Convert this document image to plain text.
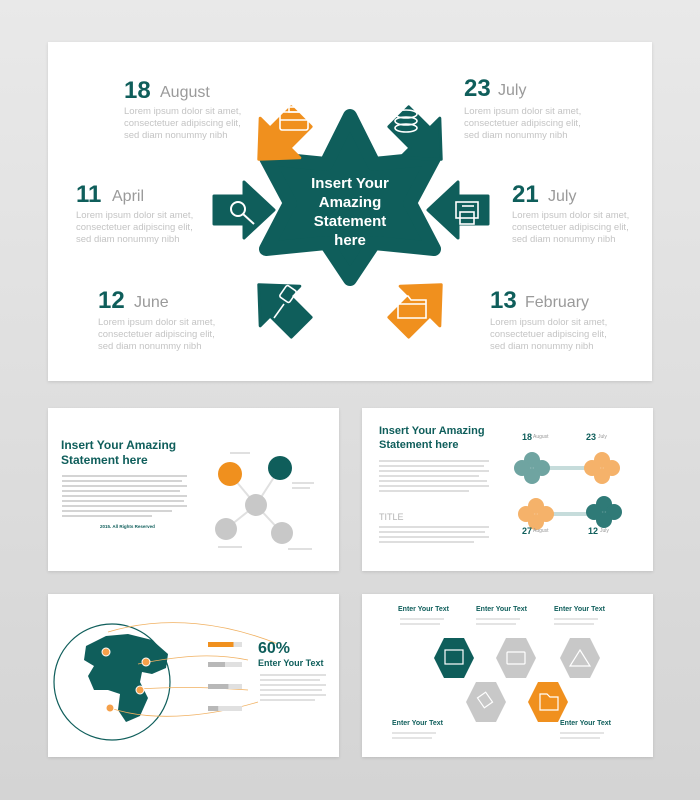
Insert Your
Amazing
Statement
here
18 August
Lorem ipsum dolor sit amet,
consectetuer adipiscing elit,
sed diam nonummy nibh
23 July
Lorem ipsum dolor sit amet,
consectetuer adipiscing elit,
sed diam nonummy nibh
11 April
Lorem ipsum dolor sit amet,
consectetuer adipiscing elit,
sed diam nonummy nibh
21 July
Lorem ipsum dolor sit amet,
consectetuer adipiscing elit,
sed diam nonummy nibh
12 June
Lorem ipsum dolor sit amet,
consectetuer adipiscing elit,
sed diam nonummy nibh
13 February
Lorem ipsum dolor sit amet,
consectetuer adipiscing elit,
sed diam nonummy nibh
Insert Your Amazing
Statement here
2015. All Rights Reserved
Insert Your Amazing
Statement here
TITLE
18 August	23 July
27 August	12 July
60%
Enter Your Text
Enter Your Text	Enter Your Text	Enter Your Text
Enter Your Text	Enter Your Text
